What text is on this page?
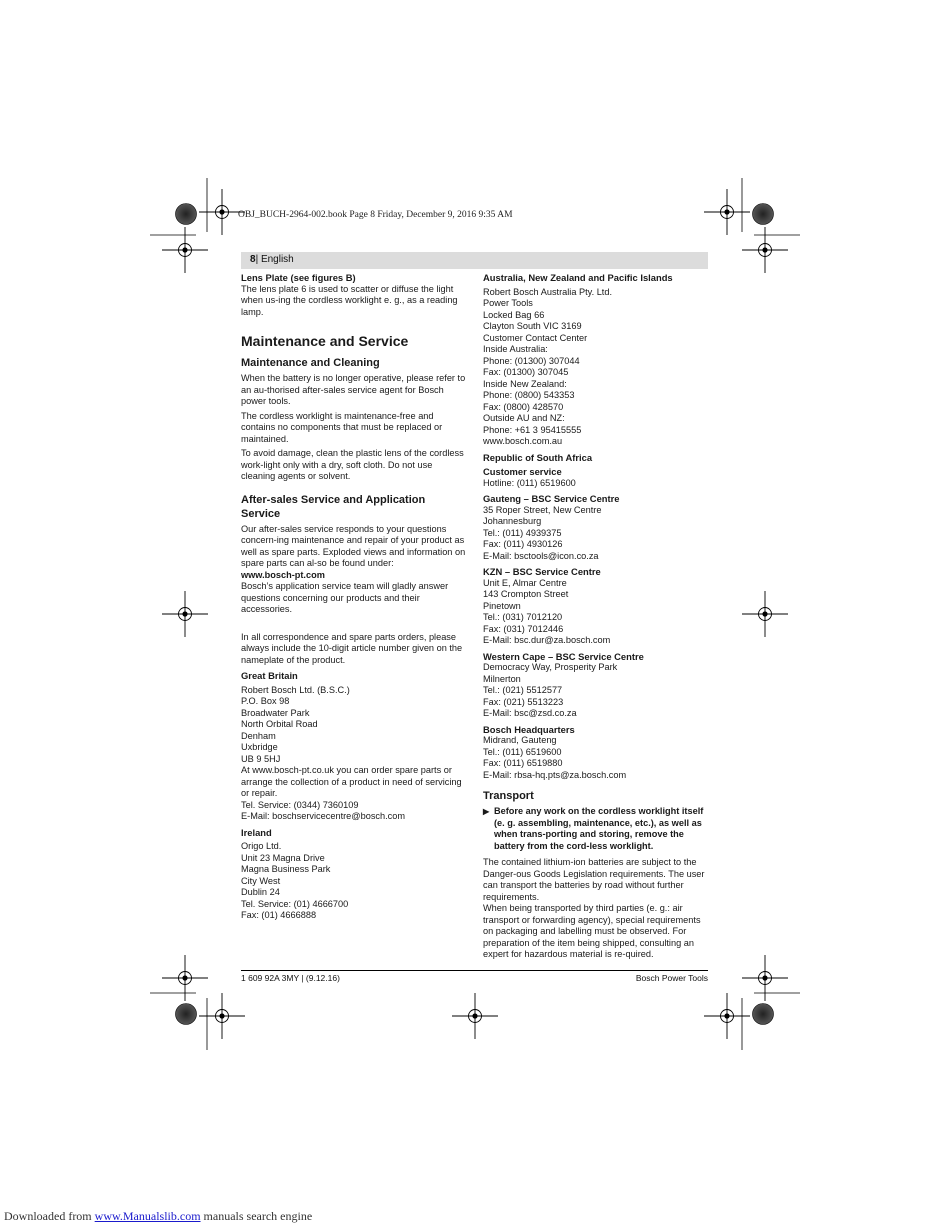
OBJ_BUCH-2964-002.book Page 8 Friday, December 9, 2016 9:35 AM
8| English

Lens Plate (see figures B)

The lens plate 6 is used to scatter or diffuse the light when us-ing the cordless worklight e. g., as a reading lamp.

Maintenance and Service
Maintenance and Cleaning

When the battery is no longer operative, please refer to an au-thorised after-sales service agent for Bosch power tools.

The cordless worklight is maintenance-free and contains no components that must be replaced or maintained.

To avoid damage, clean the plastic lens of the cordless work-light only with a dry, soft cloth. Do not use cleaning agents or solvent.

After-sales Service and Application Service

Our after-sales service responds to your questions concern-ing maintenance and repair of your product as well as spare parts. Exploded views and information on spare parts can al-so be found under:

www.bosch-pt.com

Bosch’s application service team will gladly answer questions concerning our products and their accessories.

In all correspondence and spare parts orders, please always include the 10-digit article number given on the nameplate of the product.

Great Britain

Robert Bosch Ltd. (B.S.C.)

P.O. Box 98

Broadwater Park

North Orbital Road

Denham

Uxbridge

UB 9 5HJ

At www.bosch-pt.co.uk you can order spare parts or arrange the collection of a product in need of servicing or repair.

Tel. Service: (0344) 7360109

E-Mail: boschservicecentre@bosch.com

Ireland

Origo Ltd.

Unit 23 Magna Drive

Magna Business Park

City West

Dublin 24

Tel. Service: (01) 4666700

Fax: (01) 4666888

Australia, New Zealand and Pacific Islands

Robert Bosch Australia Pty. Ltd.

Power Tools

Locked Bag 66

Clayton South VIC 3169

Customer Contact Center

Inside Australia:

Phone: (01300) 307044

Fax: (01300) 307045

Inside New Zealand:

Phone: (0800) 543353

Fax: (0800) 428570

Outside AU and NZ:

Phone: +61 3 95415555

www.bosch.com.au

Republic of South Africa

Customer service

Hotline: (011) 6519600

Gauteng – BSC Service Centre

35 Roper Street, New Centre

Johannesburg

Tel.: (011) 4939375

Fax: (011) 4930126

E-Mail: bsctools@icon.co.za

KZN – BSC Service Centre

Unit E, Almar Centre

143 Crompton Street

Pinetown

Tel.: (031) 7012120

Fax: (031) 7012446

E-Mail: bsc.dur@za.bosch.com

Western Cape – BSC Service Centre

Democracy Way, Prosperity Park

Milnerton

Tel.: (021) 5512577

Fax: (021) 5513223

E-Mail: bsc@zsd.co.za

Bosch Headquarters

Midrand, Gauteng

Tel.: (011) 6519600

Fax: (011) 6519880

E-Mail: rbsa-hq.pts@za.bosch.com

Transport
▶ Before any work on the cordless worklight itself (e. g. assembling, maintenance, etc.), as well as when trans-porting and storing, remove the battery from the cord-less worklight.

The contained lithium-ion batteries are subject to the Danger-ous Goods Legislation requirements. The user can transport the batteries by road without further requirements.

When being transported by third parties (e. g.: air transport or forwarding agency), special requirements on packaging and labelling must be observed. For preparation of the item being shipped, consulting an expert for hazardous material is re-quired.

1 609 92A 3MY | (9.12.16)	Bosch Power Tools
Downloaded from www.Manualslib.com manuals search engine
